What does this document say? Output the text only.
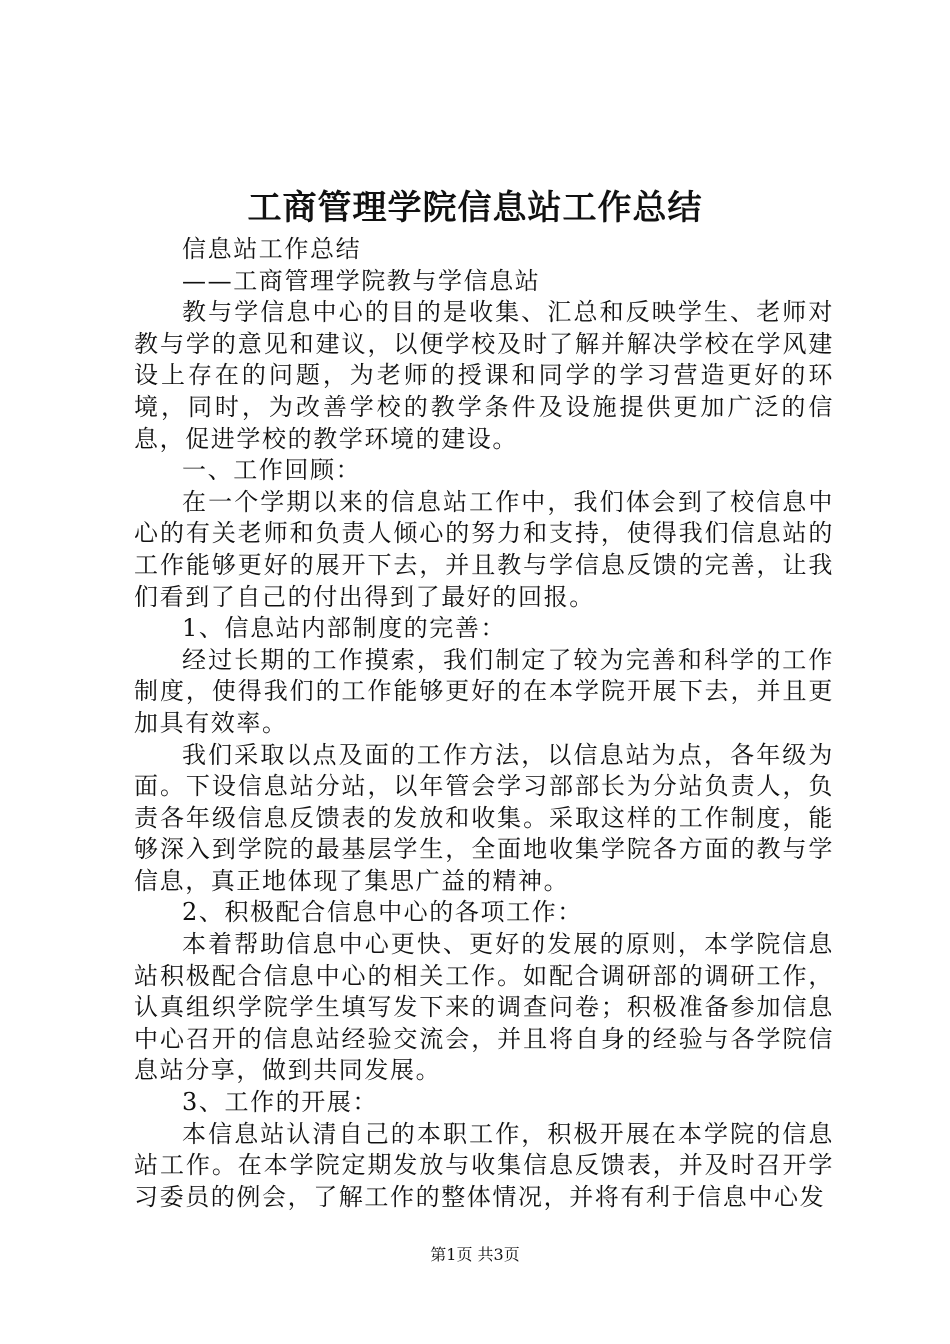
工商管理学院信息站工作总结

信息站工作总结

——工商管理学院教与学信息站

教与学信息中心的目的是收集、汇总和反映学生、老师对教与学的意见和建议，以便学校及时了解并解决学校在学风建设上存在的问题，为老师的授课和同学的学习营造更好的环境，同时，为改善学校的教学条件及设施提供更加广泛的信息，促进学校的教学环境的建设。

一、工作回顾：

在一个学期以来的信息站工作中，我们体会到了校信息中心的有关老师和负责人倾心的努力和支持，使得我们信息站的工作能够更好的展开下去，并且教与学信息反馈的完善，让我们看到了自己的付出得到了最好的回报。

1、信息站内部制度的完善：

经过长期的工作摸索，我们制定了较为完善和科学的工作制度，使得我们的工作能够更好的在本学院开展下去，并且更加具有效率。

我们采取以点及面的工作方法，以信息站为点，各年级为面。下设信息站分站，以年管会学习部部长为分站负责人，负责各年级信息反馈表的发放和收集。采取这样的工作制度，能够深入到学院的最基层学生，全面地收集学院各方面的教与学信息，真正地体现了集思广益的精神。

2、积极配合信息中心的各项工作：

本着帮助信息中心更快、更好的发展的原则，本学院信息站积极配合信息中心的相关工作。如配合调研部的调研工作，认真组织学院学生填写发下来的调查问卷；积极准备参加信息中心召开的信息站经验交流会，并且将自身的经验与各学院信息站分享，做到共同发展。

3、工作的开展：

本信息站认清自己的本职工作，积极开展在本学院的信息站工作。在本学院定期发放与收集信息反馈表，并及时召开学习委员的例会，了解工作的整体情况，并将有利于信息中心发

第1页 共3页
